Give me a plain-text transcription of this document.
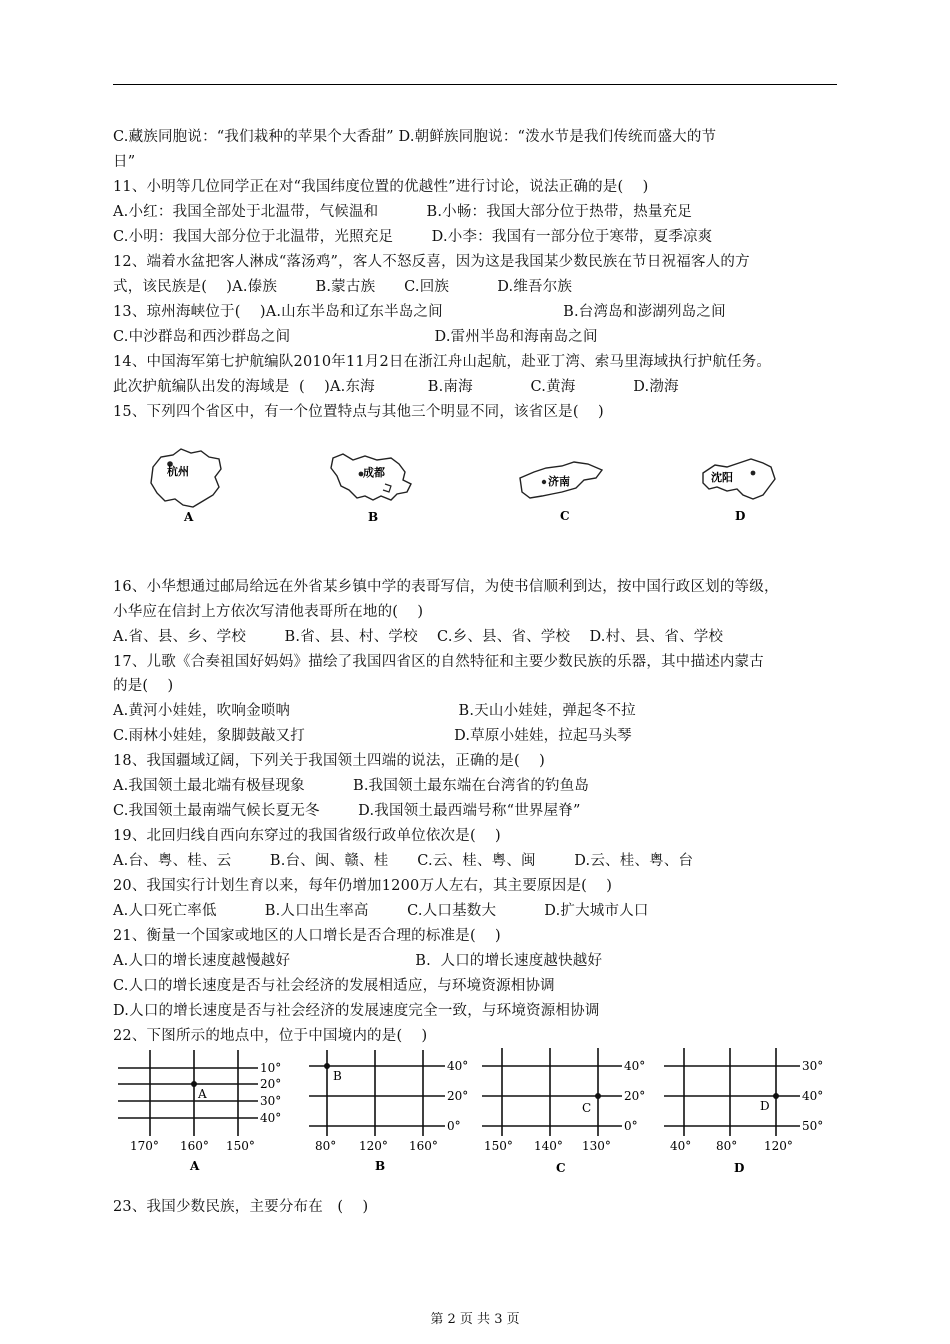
C.藏族同胞说：“我们栽种的苹果个大香甜” D.朝鲜族同胞说：“泼水节是我们传统而盛大的节
日”
11、小明等几位同学正在对“我国纬度位置的优越性”进行讨论，说法正确的是(    )
A.小红：我国全部处于北温带，气候温和          B.小畅：我国大部分位于热带，热量充足
C.小明：我国大部分位于北温带，光照充足        D.小李：我国有一部分位于寒带，夏季凉爽
12、端着水盆把客人淋成“落汤鸡”，客人不怒反喜，因为这是我国某少数民族在节日祝福客人的方
式，该民族是(    )A.傣族        B.蒙古族      C.回族          D.维吾尔族
13、琼州海峡位于(    )A.山东半岛和辽东半岛之间                         B.台湾岛和澎湖列岛之间
C.中沙群岛和西沙群岛之间                              D.雷州半岛和海南岛之间
14、中国海军第七护航编队2010年11月2日在浙江舟山起航，赴亚丁湾、索马里海域执行护航任务。
此次护航编队出发的海域是  (    )A.东海           B.南海            C.黄海            D.渤海
15、下列四个省区中，有一个位置特点与其他三个明显不同，该省区是(    )
杭州
A
成都
B
济南
C
沈阳
D
16、小华想通过邮局给远在外省某乡镇中学的表哥写信，为使书信顺利到达，按中国行政区划的等级，
小华应在信封上方依次写清他表哥所在地的(    )
A.省、县、乡、学校        B.省、县、村、学校    C.乡、县、省、学校    D.村、县、省、学校
17、儿歌《合奏祖国好妈妈》描绘了我国四省区的自然特征和主要少数民族的乐器，其中描述内蒙古
的是(    )
A.黄河小娃娃，吹响金唢呐                                   B.天山小娃娃，弹起冬不拉
C.雨林小娃娃，象脚鼓敲又打                               D.草原小娃娃，拉起马头琴
18、我国疆域辽阔，下列关于我国领土四端的说法，正确的是(    )
A.我国领土最北端有极昼现象          B.我国领土最东端在台湾省的钓鱼岛
C.我国领土最南端气候长夏无冬        D.我国领土最西端号称“世界屋脊”
19、北回归线自西向东穿过的我国省级行政单位依次是(    )
A.台、粤、桂、云        B.台、闽、赣、桂      C.云、桂、粤、闽        D.云、桂、粤、台
20、我国实行计划生育以来，每年仍增加1200万人左右，其主要原因是(    )
A.人口死亡率低          B.人口出生率高        C.人口基数大          D.扩大城市人口
21、衡量一个国家或地区的人口增长是否合理的标准是(    )
A.人口的增长速度越慢越好                          B.  人口的增长速度越快越好
C.人口的增长速度是否与社会经济的发展相适应，与环境资源相协调
D.人口的增长速度是否与社会经济的发展速度完全一致，与环境资源相协调
22、下图所示的地点中，位于中国境内的是(    )
A
10°
20°
30°
40°
170° 160° 150°
A
B
40°
20°
0°
80° 120° 160°
B
C
40°
20°
0°
150° 140° 130°
C
D
30°
40°
50°
40° 80° 120°
D
23、我国少数民族，主要分布在   (    )
第 2 页 共 3 页
